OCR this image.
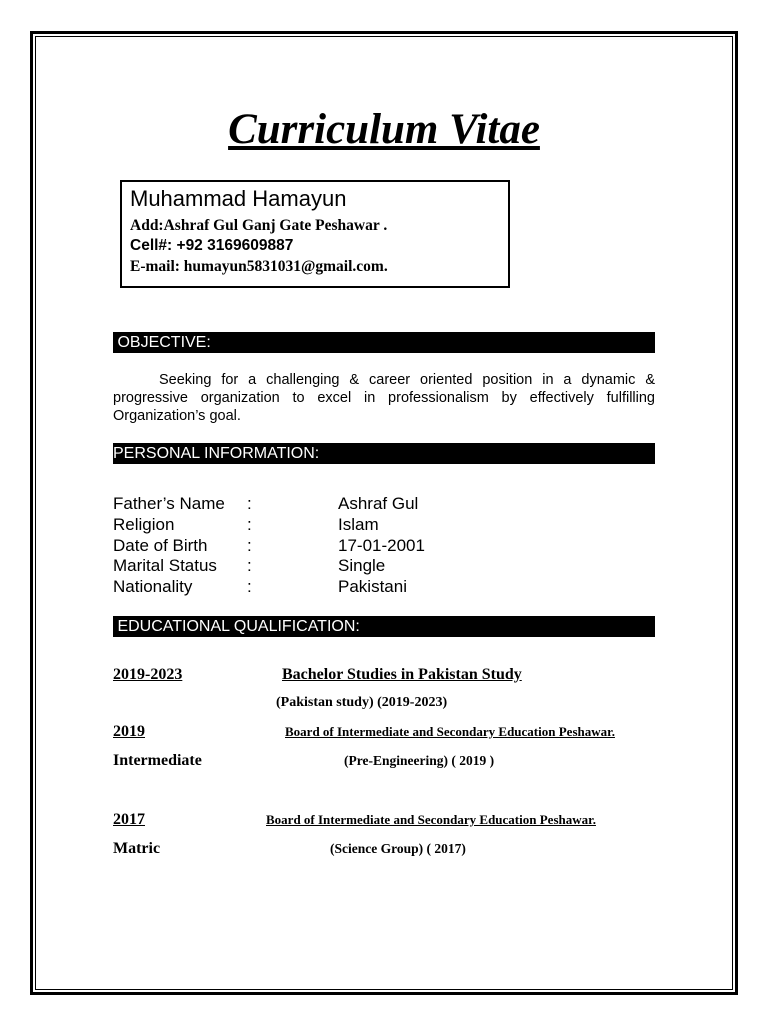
Curriculum Vitae
Muhammad Hamayun
Add:Ashraf Gul Ganj Gate Peshawar .
Cell#: +92 3169609887
E-mail: humayun5831031@gmail.com.
OBJECTIVE:
Seeking for a challenging & career oriented position in a dynamic & progressive organization to excel in professionalism by effectively fulfilling Organization’s goal.
PERSONAL INFORMATION:
Father’s Name :	Ashraf Gul
Religion	:	Islam
Date of Birth :	17-01-2001
Marital Status :	Single
Nationality	:	Pakistani
EDUCATIONAL QUALIFICATION:
2019-2023	Bachelor Studies in Pakistan Study
(Pakistan study) (2019-2023)
2019	Board of Intermediate and Secondary Education Peshawar.
Intermediate	(Pre-Engineering) ( 2019 )
2017	Board of Intermediate and Secondary Education Peshawar.
Matric	(Science Group) ( 2017)
